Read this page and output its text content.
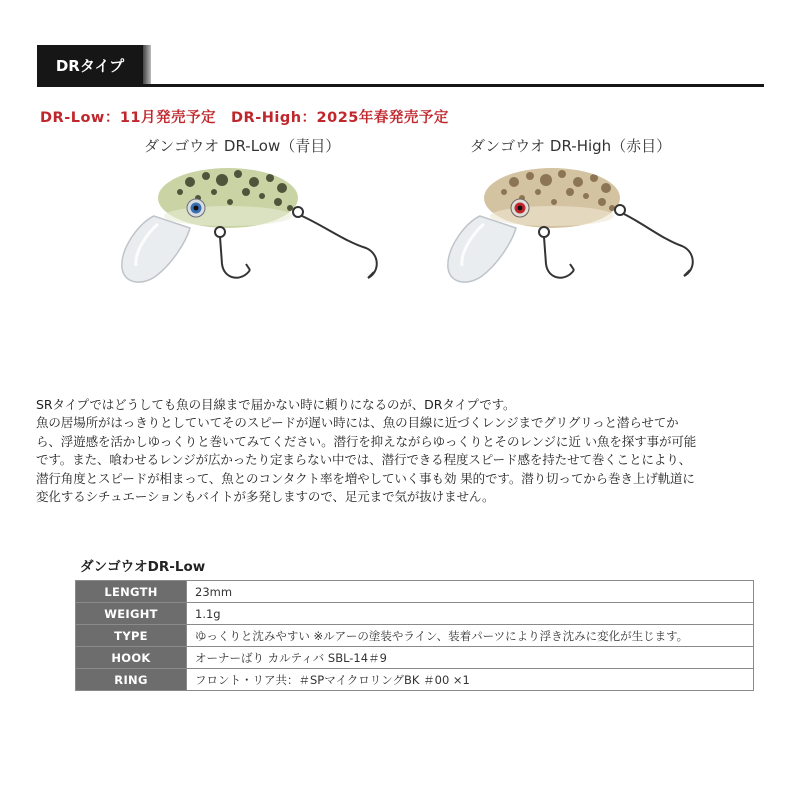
DRタイプ
DR-Low：11月発売予定　DR-High：2025年春発売予定
ダンゴウオ DR-Low（青目）	ダンゴウオ DR-High（赤目）

SRタイプではどうしても魚の目線まで届かない時に頼りになるのが、DRタイプです。

魚の居場所がはっきりとしていてそのスピードが遅い時には、魚の目線に近づくレンジまでグリグリっと潜らせてか

ら、浮遊感を活かしゆっくりと巻いてみてください。潜行を抑えながらゆっくりとそのレンジに近 い魚を探す事が可能

です。また、喰わせるレンジが広かったり定まらない中では、潜行できる程度スピード感を持たせて巻くことにより、

潜行角度とスピードが相まって、魚とのコンタクト率を増やしていく事も効 果的です。潜り切ってから巻き上げ軌道に

変化するシチュエーションもバイトが多発しますので、足元まで気が抜けません。

ダンゴウオDR-Low
LENGTH	23mm
WEIGHT	1.1g
TYPE	ゆっくりと沈みやすい ※ルアーの塗装やライン、装着パーツにより浮き沈みに変化が生じます。
HOOK	オーナーばり カルティバ SBL-14＃9
RING	フロント・リア共：＃SPマイクロリングBK ＃00 ×1
